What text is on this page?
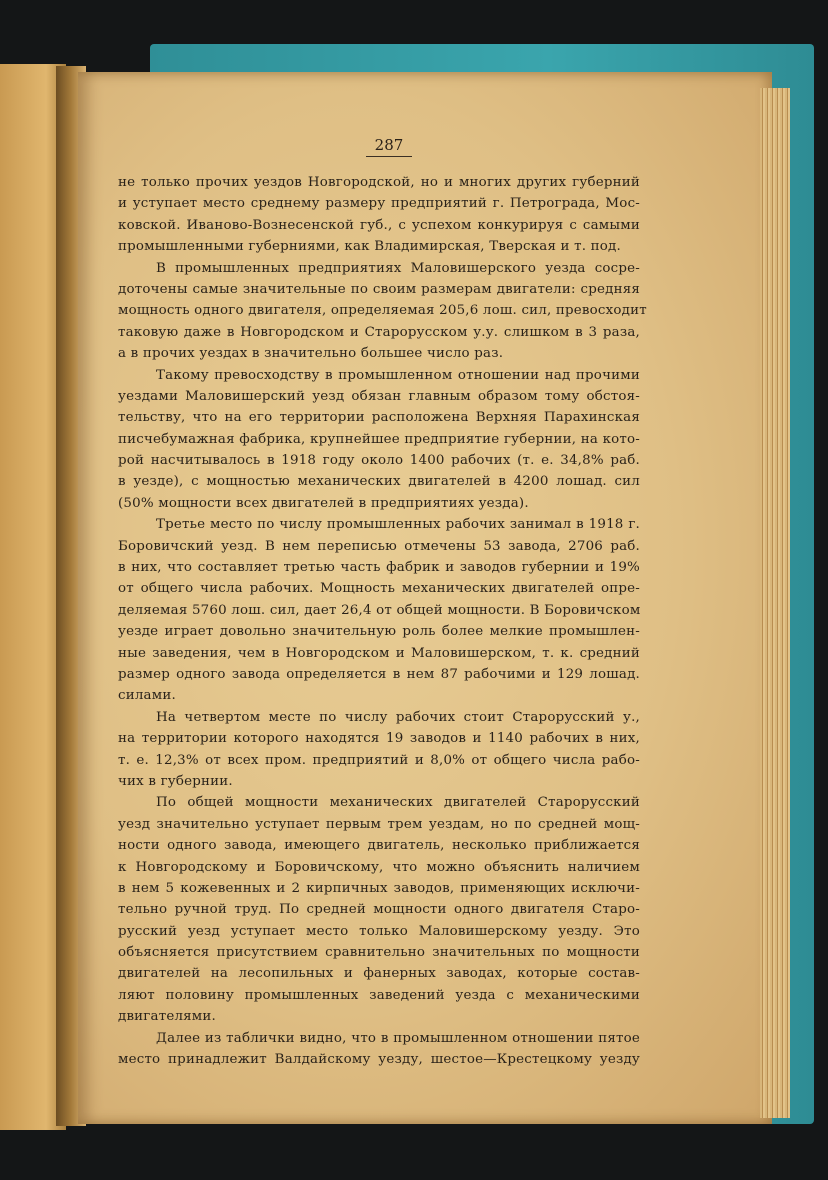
287
не только прочих уездов Новгородской, но и многих других губерний
и уступает место среднему размеру предприятий г. Петрограда, Мос-
ковской. Иваново-Вознесенской губ., с успехом конкурируя с самыми
промышленными губерниями, как Владимирская, Тверская и т. под.
В промышленных предприятиях Маловишерского уезда сосре-
доточены самые значительные по своим размерам двигатели: средняя
мощность одного двигателя, определяемая 205,6 лош. сил, превосходит
таковую даже в Новгородском и Старорусском у.у. слишком в 3 раза,
а в прочих уездах в значительно большее число раз.
Такому превосходству в промышленном отношении над прочими
уездами Маловишерский уезд обязан главным образом тому обстоя-
тельству, что на его территории расположена Верхняя Парахинская
писчебумажная фабрика, крупнейшее предприятие губернии, на кото-
рой насчитывалось в 1918 году около 1400 рабочих (т. е. 34,8% раб.
в уезде), с мощностью механических двигателей в 4200 лошад. сил
(50% мощности всех двигателей в предприятиях уезда).
Третье место по числу промышленных рабочих занимал в 1918 г.
Боровичский уезд. В нем переписью отмечены 53 завода, 2706 раб.
в них, что составляет третью часть фабрик и заводов губернии и 19%
от общего числа рабочих. Мощность механических двигателей опре-
деляемая 5760 лош. сил, дает 26,4 от общей мощности. В Боровичском
уезде играет довольно значительную роль более мелкие промышлен-
ные заведения, чем в Новгородском и Маловишерском, т. к. средний
размер одного завода определяется в нем 87 рабочими и 129 лошад.
силами.
На четвертом месте по числу рабочих стоит Старорусский у.,
на территории которого находятся 19 заводов и 1140 рабочих в них,
т. е. 12,3% от всех пром. предприятий и 8,0% от общего числа рабо-
чих в губернии.
По общей мощности механических двигателей Старорусский
уезд значительно уступает первым трем уездам, но по средней мощ-
ности одного завода, имеющего двигатель, несколько приближается
к Новгородскому и Боровичскому, что можно объяснить наличием
в нем 5 кожевенных и 2 кирпичных заводов, применяющих исключи-
тельно ручной труд. По средней мощности одного двигателя Старо-
русский уезд уступает место только Маловишерскому уезду. Это
объясняется присутствием сравнительно значительных по мощности
двигателей на лесопильных и фанерных заводах, которые состав-
ляют половину промышленных заведений уезда с механическими
двигателями.
Далее из таблички видно, что в промышленном отношении пятое
место принадлежит Валдайскому уезду, шестое—Крестецкому уезду
